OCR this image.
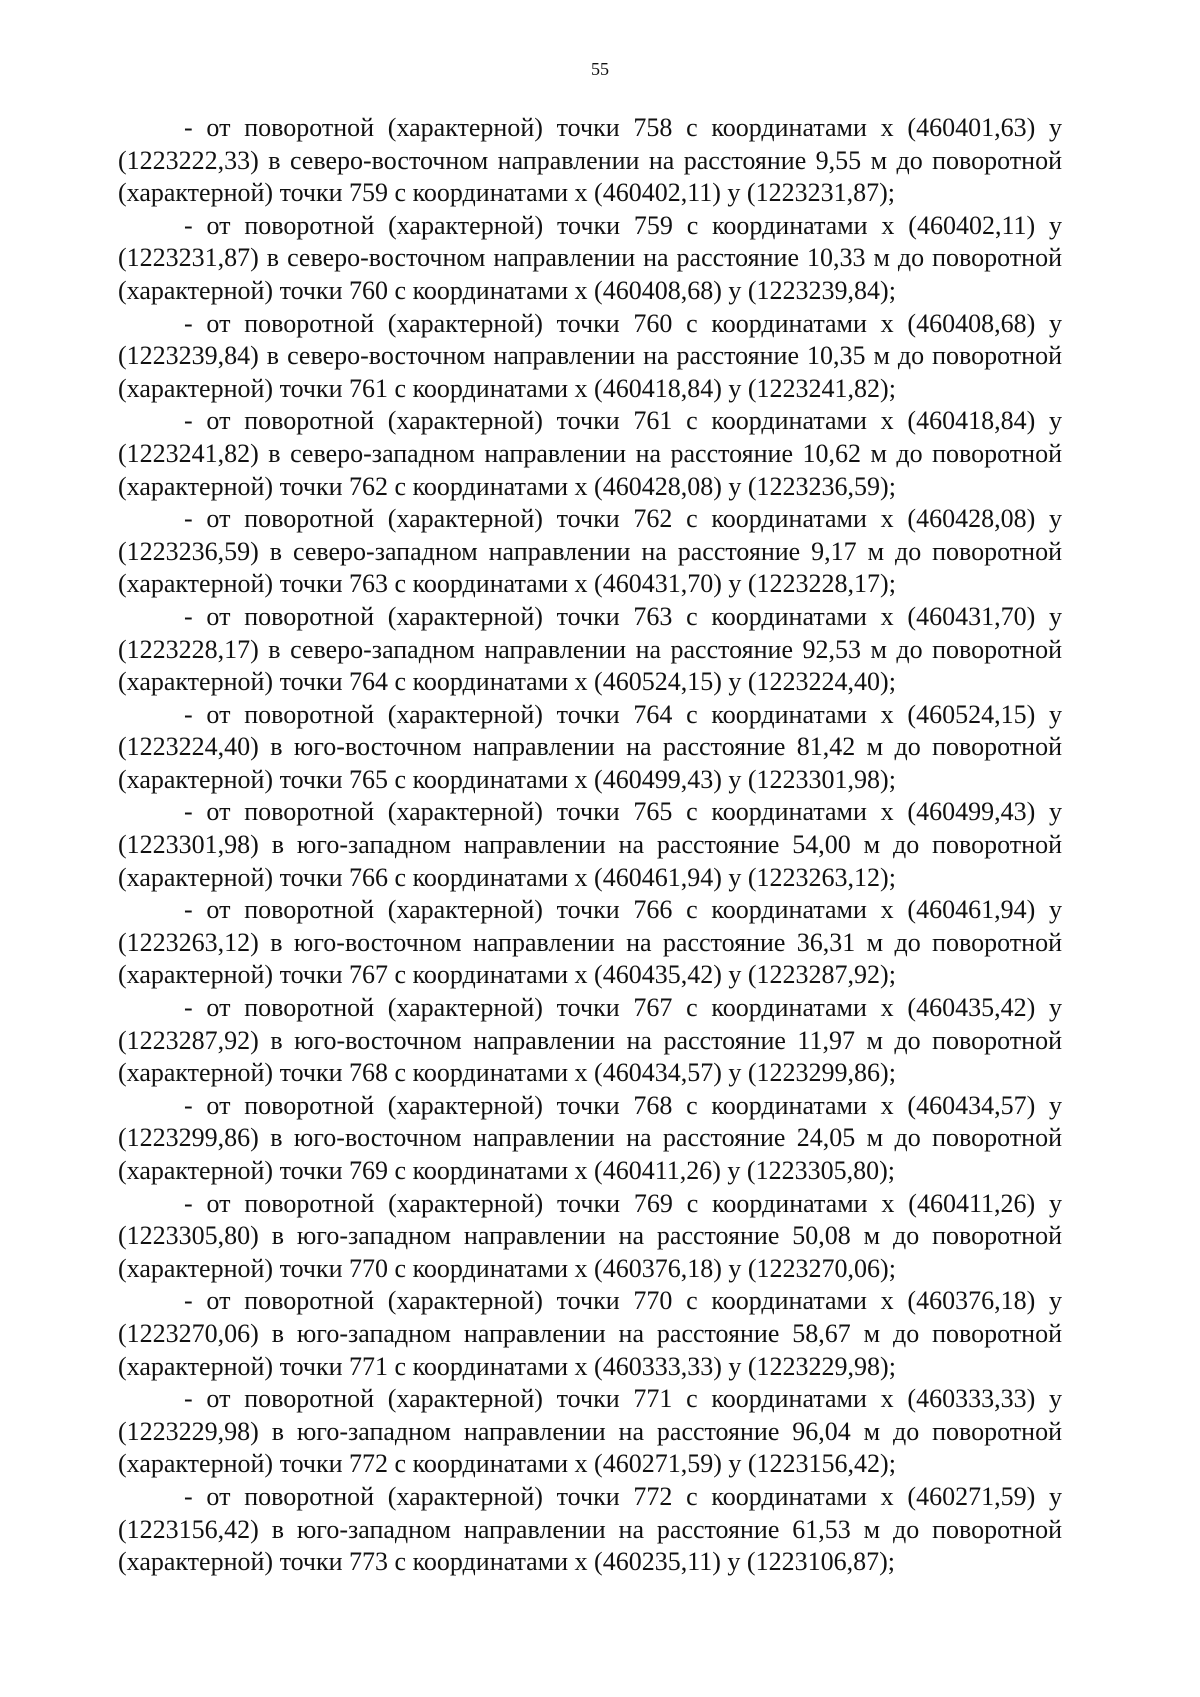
55

- от поворотной (характерной) точки 758 с координатами х (460401,63) у (1223222,33) в северо-восточном направлении на расстояние 9,55 м до поворотной (характерной) точки 759 с координатами х (460402,11) у (1223231,87);

- от поворотной (характерной) точки 759 с координатами х (460402,11) у (1223231,87) в северо-восточном направлении на расстояние 10,33 м до поворотной (характерной) точки 760 с координатами х (460408,68) у (1223239,84);

- от поворотной (характерной) точки 760 с координатами х (460408,68) у (1223239,84) в северо-восточном направлении на расстояние 10,35 м до поворотной (характерной) точки 761 с координатами х (460418,84) у (1223241,82);

- от поворотной (характерной) точки 761 с координатами х (460418,84) у (1223241,82) в северо-западном направлении на расстояние 10,62 м до поворотной (характерной) точки 762 с координатами х (460428,08) у (1223236,59);

- от поворотной (характерной) точки 762 с координатами х (460428,08) у (1223236,59) в северо-западном направлении на расстояние 9,17 м до поворотной (характерной) точки 763 с координатами х (460431,70) у (1223228,17);

- от поворотной (характерной) точки 763 с координатами х (460431,70) у (1223228,17) в северо-западном направлении на расстояние 92,53 м до поворотной (характерной) точки 764 с координатами х (460524,15) у (1223224,40);

- от поворотной (характерной) точки 764 с координатами х (460524,15) у (1223224,40) в юго-восточном направлении на расстояние 81,42 м до поворотной (характерной) точки 765 с координатами х (460499,43) у (1223301,98);

- от поворотной (характерной) точки 765 с координатами х (460499,43) у (1223301,98) в юго-западном направлении на расстояние 54,00 м до поворотной (характерной) точки 766 с координатами х (460461,94) у (1223263,12);

- от поворотной (характерной) точки 766 с координатами х (460461,94) у (1223263,12) в юго-восточном направлении на расстояние 36,31 м до поворотной (характерной) точки 767 с координатами х (460435,42) у (1223287,92);

- от поворотной (характерной) точки 767 с координатами х (460435,42) у (1223287,92) в юго-восточном направлении на расстояние 11,97 м до поворотной (характерной) точки 768 с координатами х (460434,57) у (1223299,86);

- от поворотной (характерной) точки 768 с координатами х (460434,57) у (1223299,86) в юго-восточном направлении на расстояние 24,05 м до поворотной (характерной) точки 769 с координатами х (460411,26) у (1223305,80);

- от поворотной (характерной) точки 769 с координатами х (460411,26) у (1223305,80) в юго-западном направлении на расстояние 50,08 м до поворотной (характерной) точки 770 с координатами х (460376,18) у (1223270,06);

- от поворотной (характерной) точки 770 с координатами х (460376,18) у (1223270,06) в юго-западном направлении на расстояние 58,67 м до поворотной (характерной) точки 771 с координатами х (460333,33) у (1223229,98);

- от поворотной (характерной) точки 771 с координатами х (460333,33) у (1223229,98) в юго-западном направлении на расстояние 96,04 м до поворотной (характерной) точки 772 с координатами х (460271,59) у (1223156,42);

- от поворотной (характерной) точки 772 с координатами х (460271,59) у (1223156,42) в юго-западном направлении на расстояние 61,53 м до поворотной (характерной) точки 773 с координатами х (460235,11) у (1223106,87);
